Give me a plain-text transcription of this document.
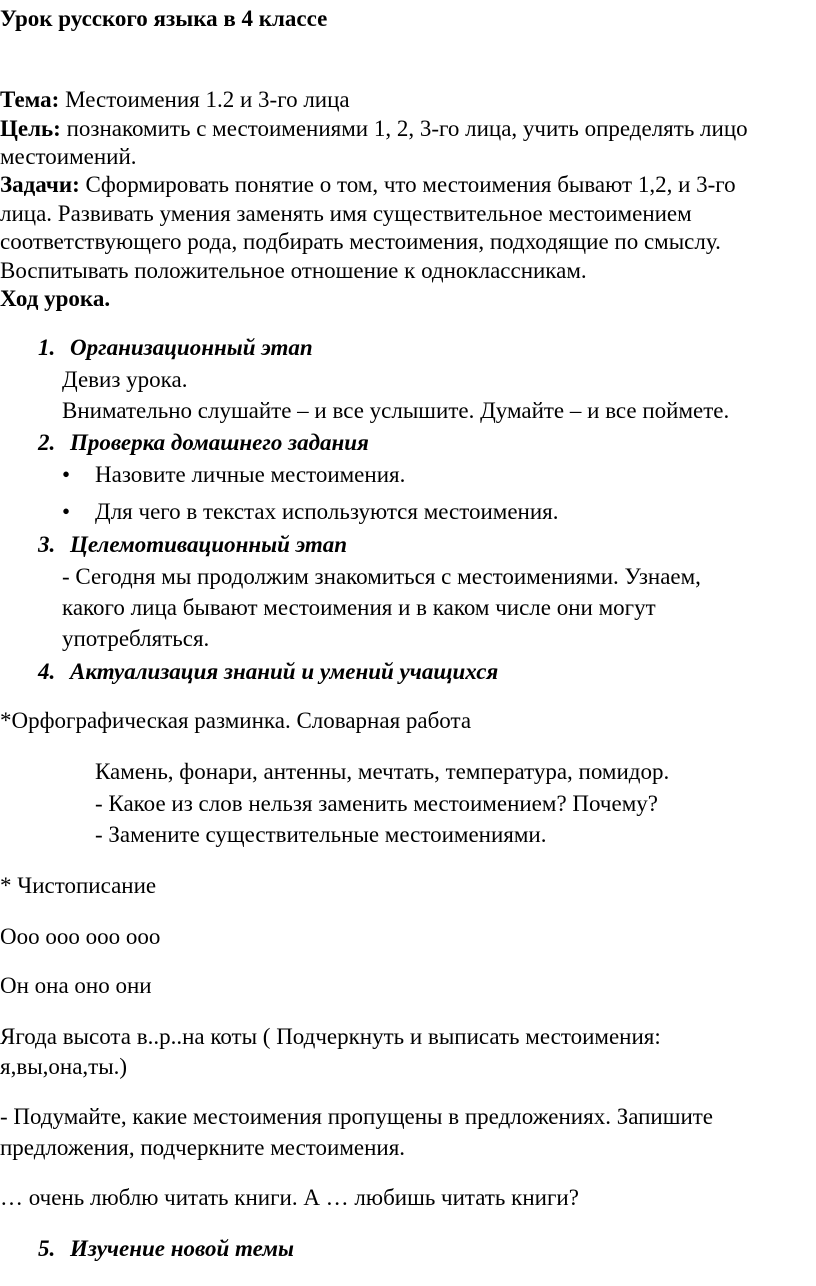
Урок русского языка в 4 классе
Тема: Местоимения 1.2 и 3-го лица
Цель: познакомить с местоимениями 1, 2, 3-го лица, учить определять лицо
местоимений.
Задачи: Сформировать понятие о том, что местоимения бывают 1,2, и 3-го
лица. Развивать умения заменять имя существительное местоимением
соответствующего рода, подбирать местоимения, подходящие по смыслу.
Воспитывать положительное отношение к одноклассникам.
Ход урока.
1. Организационный этап
Девиз урока.
Внимательно слушайте – и все услышите. Думайте – и все поймете.
2. Проверка домашнего задания
• Назовите личные местоимения.
• Для чего в текстах используются местоимения.
3. Целемотивационный этап
- Сегодня мы продолжим знакомиться с местоимениями. Узнаем,
какого лица бывают местоимения и в каком числе они могут
употребляться.
4. Актуализация знаний и умений учащихся
*Орфографическая разминка. Словарная работа
Камень, фонари, антенны, мечтать, температура, помидор.
- Какое из слов нельзя заменить местоимением? Почему?
- Замените существительные местоимениями.
* Чистописание
Ооо ооо ооо ооо
Он она оно они
Ягода высота в..р..на коты ( Подчеркнуть и выписать местоимения:
я,вы,она,ты.)
- Подумайте, какие местоимения пропущены в предложениях. Запишите
предложения, подчеркните местоимения.
… очень люблю читать книги. А … любишь читать книги?
5. Изучение новой темы
